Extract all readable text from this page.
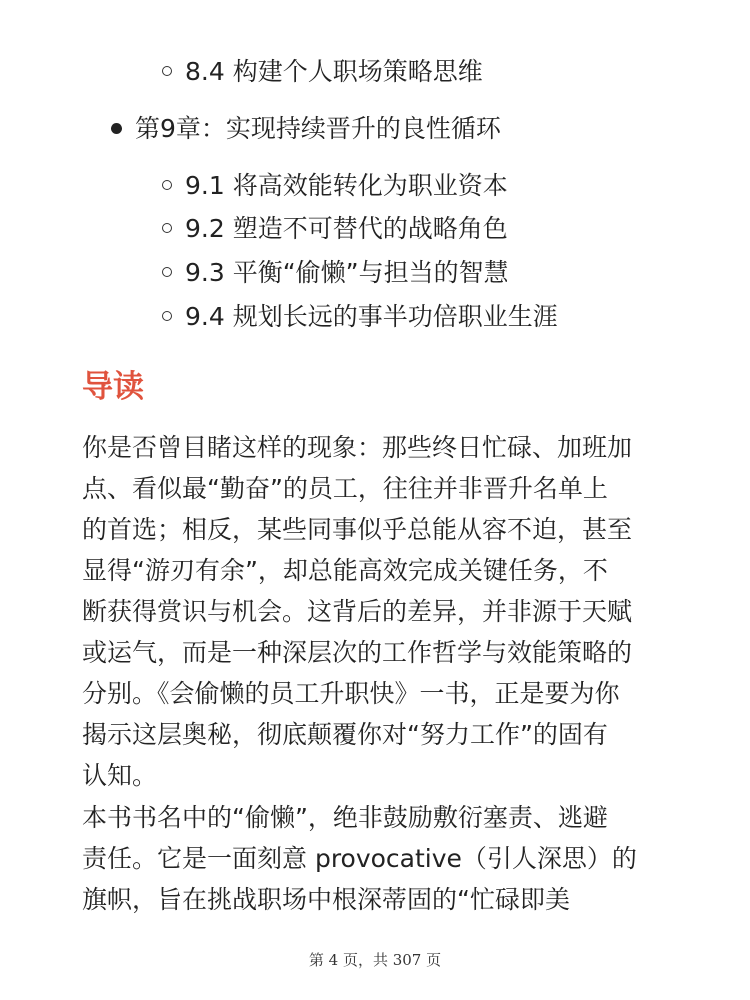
8.4 构建个人职场策略思维
第9章：实现持续晋升的良性循环
9.1 将高效能转化为职业资本
9.2 塑造不可替代的战略角色
9.3 平衡“偷懒”与担当的智慧
9.4 规划长远的事半功倍职业生涯
导读
你是否曾目睹这样的现象：那些终日忙碌、加班加
点、看似最“勤奋”的员工，往往并非晋升名单上
的首选；相反，某些同事似乎总能从容不迫，甚至
显得“游刃有余”，却总能高效完成关键任务，不
断获得赏识与机会。这背后的差异，并非源于天赋
或运气，而是一种深层次的工作哲学与效能策略的
分别。《会偷懒的员工升职快》一书，正是要为你
揭示这层奥秘，彻底颠覆你对“努力工作”的固有
认知。
本书书名中的“偷懒”，绝非鼓励敷衍塞责、逃避
责任。它是一面刻意 provocative（引人深思）的
旗帜，旨在挑战职场中根深蒂固的“忙碌即美
第 4 页，共 307 页
